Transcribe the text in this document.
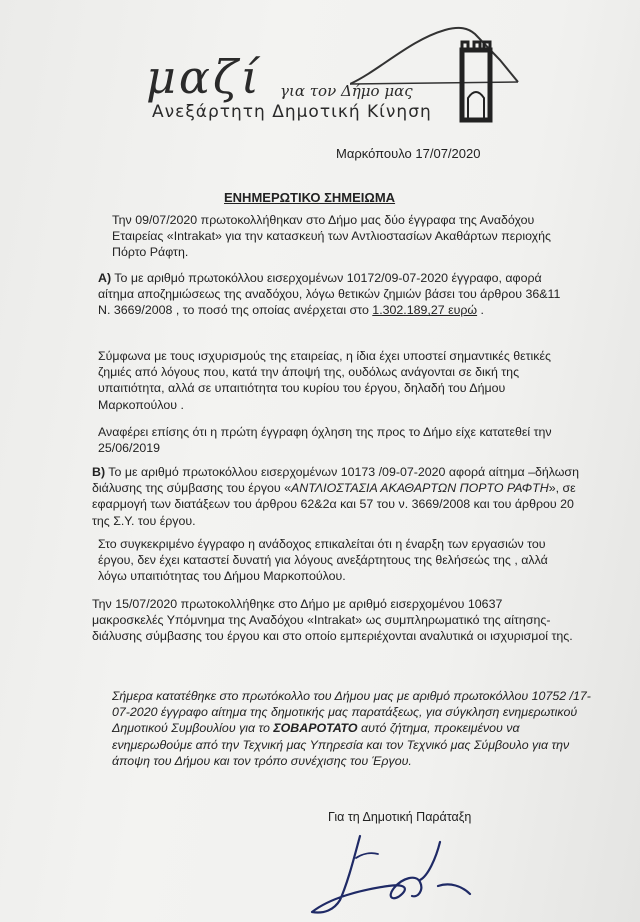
μαζί για τον Δήμο μας
Ανεξάρτητη Δημοτική Κίνηση
Μαρκόπουλο 17/07/2020
ΕΝΗΜΕΡΩΤΙΚΟ ΣΗΜΕΙΩΜΑ

Την 09/07/2020 πρωτοκολλήθηκαν στο Δήμο μας δύο έγγραφα της Αναδόχου Εταιρείας «Intrakat» για την κατασκευή των Αντλιοστασίων Ακαθάρτων περιοχής Πόρτο Ράφτη.

Α) Το με αριθμό πρωτοκόλλου εισερχομένων 10172/09-07-2020 έγγραφο, αφορά αίτημα αποζημιώσεως της αναδόχου, λόγω θετικών ζημιών βάσει του άρθρου 36&11 Ν. 3669/2008 , το ποσό της οποίας ανέρχεται στο 1.302.189,27 ευρώ .

Σύμφωνα με τους ισχυρισμούς της εταιρείας, η ίδια έχει υποστεί σημαντικές θετικές ζημιές από λόγους που, κατά την άποψή της, ουδόλως ανάγονται σε δική της υπαιτιότητα, αλλά σε υπαιτιότητα του κυρίου του έργου, δηλαδή του Δήμου Μαρκοπούλου .

Αναφέρει επίσης ότι η πρώτη έγγραφη όχληση της προς το Δήμο είχε κατατεθεί την 25/06/2019

Β) Το με αριθμό πρωτοκόλλου εισερχομένων 10173 /09-07-2020 αφορά αίτημα –δήλωση διάλυσης της σύμβασης του έργου «ΑΝΤΛΙΟΣΤΑΣΙΑ ΑΚΑΘΑΡΤΩΝ ΠΟΡΤΟ ΡΑΦΤΗ», σε εφαρμογή των διατάξεων του άρθρου 62&2α και 57 του ν. 3669/2008 και του άρθρου 20 της Σ.Υ. του έργου.

Στο συγκεκριμένο έγγραφο η ανάδοχος επικαλείται ότι η έναρξη των εργασιών του έργου, δεν έχει καταστεί δυνατή για λόγους ανεξάρτητους της θελήσεώς της , αλλά λόγω υπαιτιότητας του Δήμου Μαρκοπούλου.

Την 15/07/2020 πρωτοκολλήθηκε στο Δήμο με αριθμό εισερχομένου 10637 μακροσκελές Υπόμνημα της Αναδόχου «Intrakat» ως συμπληρωματικό της αίτησης- διάλυσης σύμβασης του έργου και στο οποίο εμπεριέχονται αναλυτικά οι ισχυρισμοί της.

Σήμερα κατατέθηκε στο πρωτόκολλο του Δήμου μας με αριθμό πρωτοκόλλου 10752 /17-07-2020 έγγραφο αίτημα της δημοτικής μας παρατάξεως, για σύγκληση ενημερωτικού Δημοτικού Συμβουλίου για το ΣΟΒΑΡΟΤΑΤΟ αυτό ζήτημα, προκειμένου να ενημερωθούμε από την Τεχνική μας Υπηρεσία και τον Τεχνικό μας Σύμβουλο για την άποψη του Δήμου και τον τρόπο συνέχισης του Έργου.

Για τη Δημοτική Παράταξη
